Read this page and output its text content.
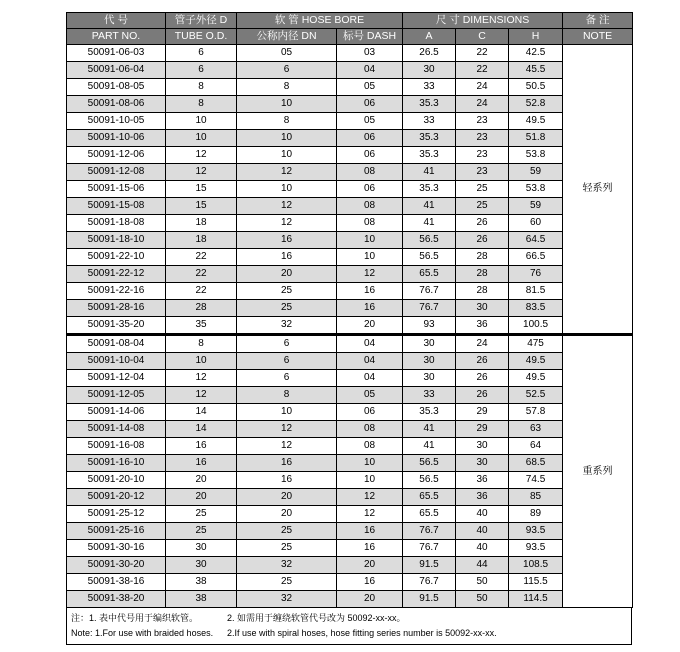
代 号	管子外径 D	软 管 HOSE BORE		尺 寸 DIMENSIONS			备 注
PART NO.	TUBE O.D.	公称内径 DN	标号 DASH	A	C	H	NOTE
50091-06-03	6	05	03	26.5	22	42.5	轻系列
50091-06-04	6	6	04	30	22	45.5	
50091-08-05	8	8	05	33	24	50.5	
50091-08-06	8	10	06	35.3	24	52.8	
50091-10-05	10	8	05	33	23	49.5	
50091-10-06	10	10	06	35.3	23	51.8	
50091-12-06	12	10	06	35.3	23	53.8	
50091-12-08	12	12	08	41	23	59	
50091-15-06	15	10	06	35.3	25	53.8	
50091-15-08	15	12	08	41	25	59	
50091-18-08	18	12	08	41	26	60	
50091-18-10	18	16	10	56.5	26	64.5	
50091-22-10	22	16	10	56.5	28	66.5	
50091-22-12	22	20	12	65.5	28	76	
50091-22-16	22	25	16	76.7	28	81.5	
50091-28-16	28	25	16	76.7	30	83.5	
50091-35-20	35	32	20	93	36	100.5	
50091-08-04	8	6	04	30	24	475	重系列
50091-10-04	10	6	04	30	26	49.5	
50091-12-04	12	6	04	30	26	49.5	
50091-12-05	12	8	05	33	26	52.5	
50091-14-06	14	10	06	35.3	29	57.8	
50091-14-08	14	12	08	41	29	63	
50091-16-08	16	12	08	41	30	64	
50091-16-10	16	16	10	56.5	30	68.5	
50091-20-10	20	16	10	56.5	36	74.5	
50091-20-12	20	20	12	65.5	36	85	
50091-25-12	25	20	12	65.5	40	89	
50091-25-16	25	25	16	76.7	40	93.5	
50091-30-16	30	25	16	76.7	40	93.5	
50091-30-20	30	32	20	91.5	44	108.5	
50091-38-16	38	25	16	76.7	50	115.5	
50091-38-20	38	32	20	91.5	50	114.5	
注：1. 表中代号用于编织软管。	2. 如需用于缠绕软管代号改为 50092-xx-xx。
Note: 1.For use with braided hoses. 2.If use with spiral hoses, hose fitting series number is 50092-xx-xx.
